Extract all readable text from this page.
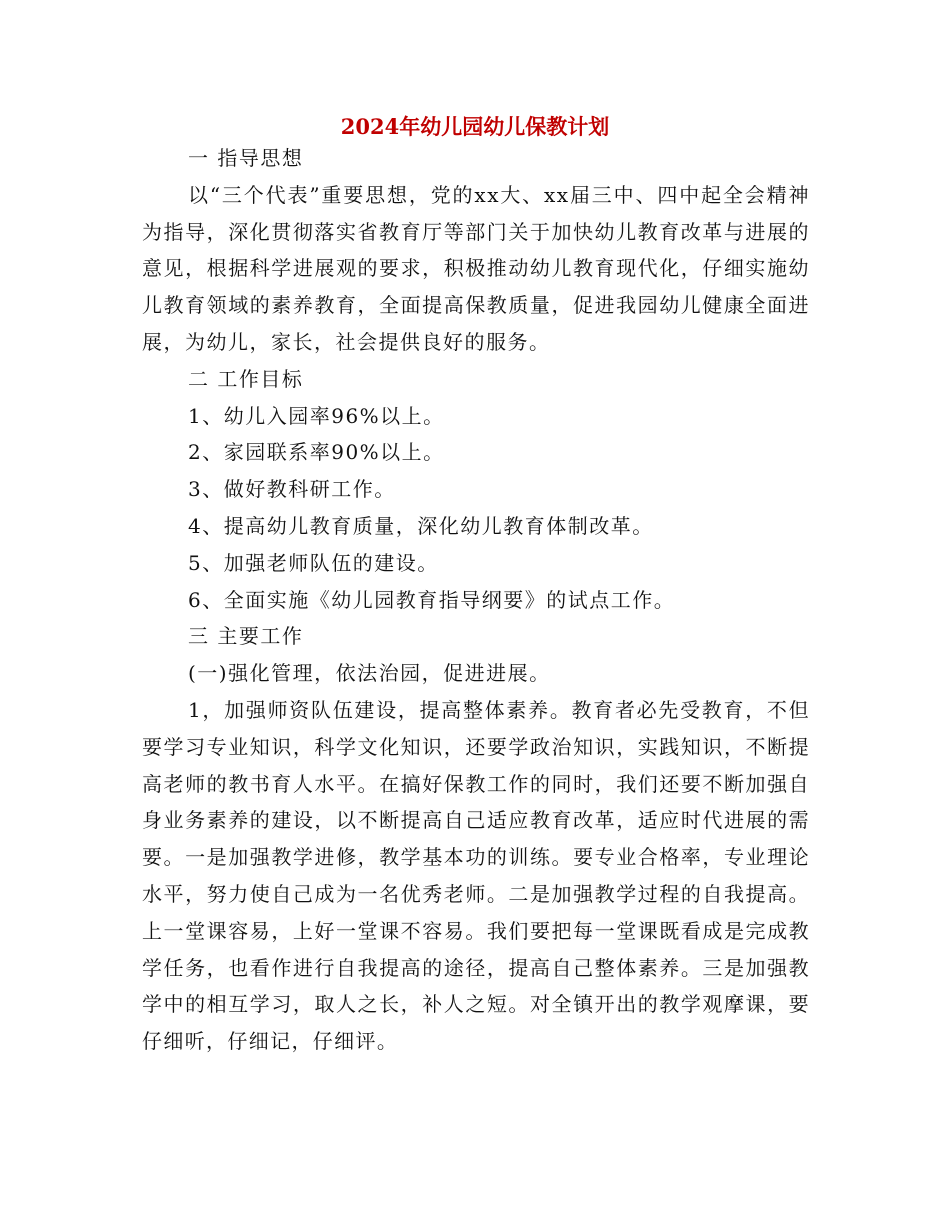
2024年幼儿园幼儿保教计划

一 指导思想

以“三个代表”重要思想，党的xx大、xx届三中、四中起全会精神为指导，深化贯彻落实省教育厅等部门关于加快幼儿教育改革与进展的意见，根据科学进展观的要求，积极推动幼儿教育现代化，仔细实施幼儿教育领域的素养教育，全面提高保教质量，促进我园幼儿健康全面进展，为幼儿，家长，社会提供良好的服务。

二 工作目标

1、幼儿入园率96%以上。

2、家园联系率90%以上。

3、做好教科研工作。

4、提高幼儿教育质量，深化幼儿教育体制改革。

5、加强老师队伍的建设。

6、全面实施《幼儿园教育指导纲要》的试点工作。

三 主要工作

(一)强化管理，依法治园，促进进展。

1，加强师资队伍建设，提高整体素养。教育者必先受教育，不但要学习专业知识，科学文化知识，还要学政治知识，实践知识，不断提高老师的教书育人水平。在搞好保教工作的同时，我们还要不断加强自身业务素养的建设，以不断提高自己适应教育改革，适应时代进展的需要。一是加强教学进修，教学基本功的训练。要专业合格率，专业理论水平，努力使自己成为一名优秀老师。二是加强教学过程的自我提高。上一堂课容易，上好一堂课不容易。我们要把每一堂课既看成是完成教学任务，也看作进行自我提高的途径，提高自己整体素养。三是加强教学中的相互学习，取人之长，补人之短。对全镇开出的教学观摩课，要仔细听，仔细记，仔细评。
